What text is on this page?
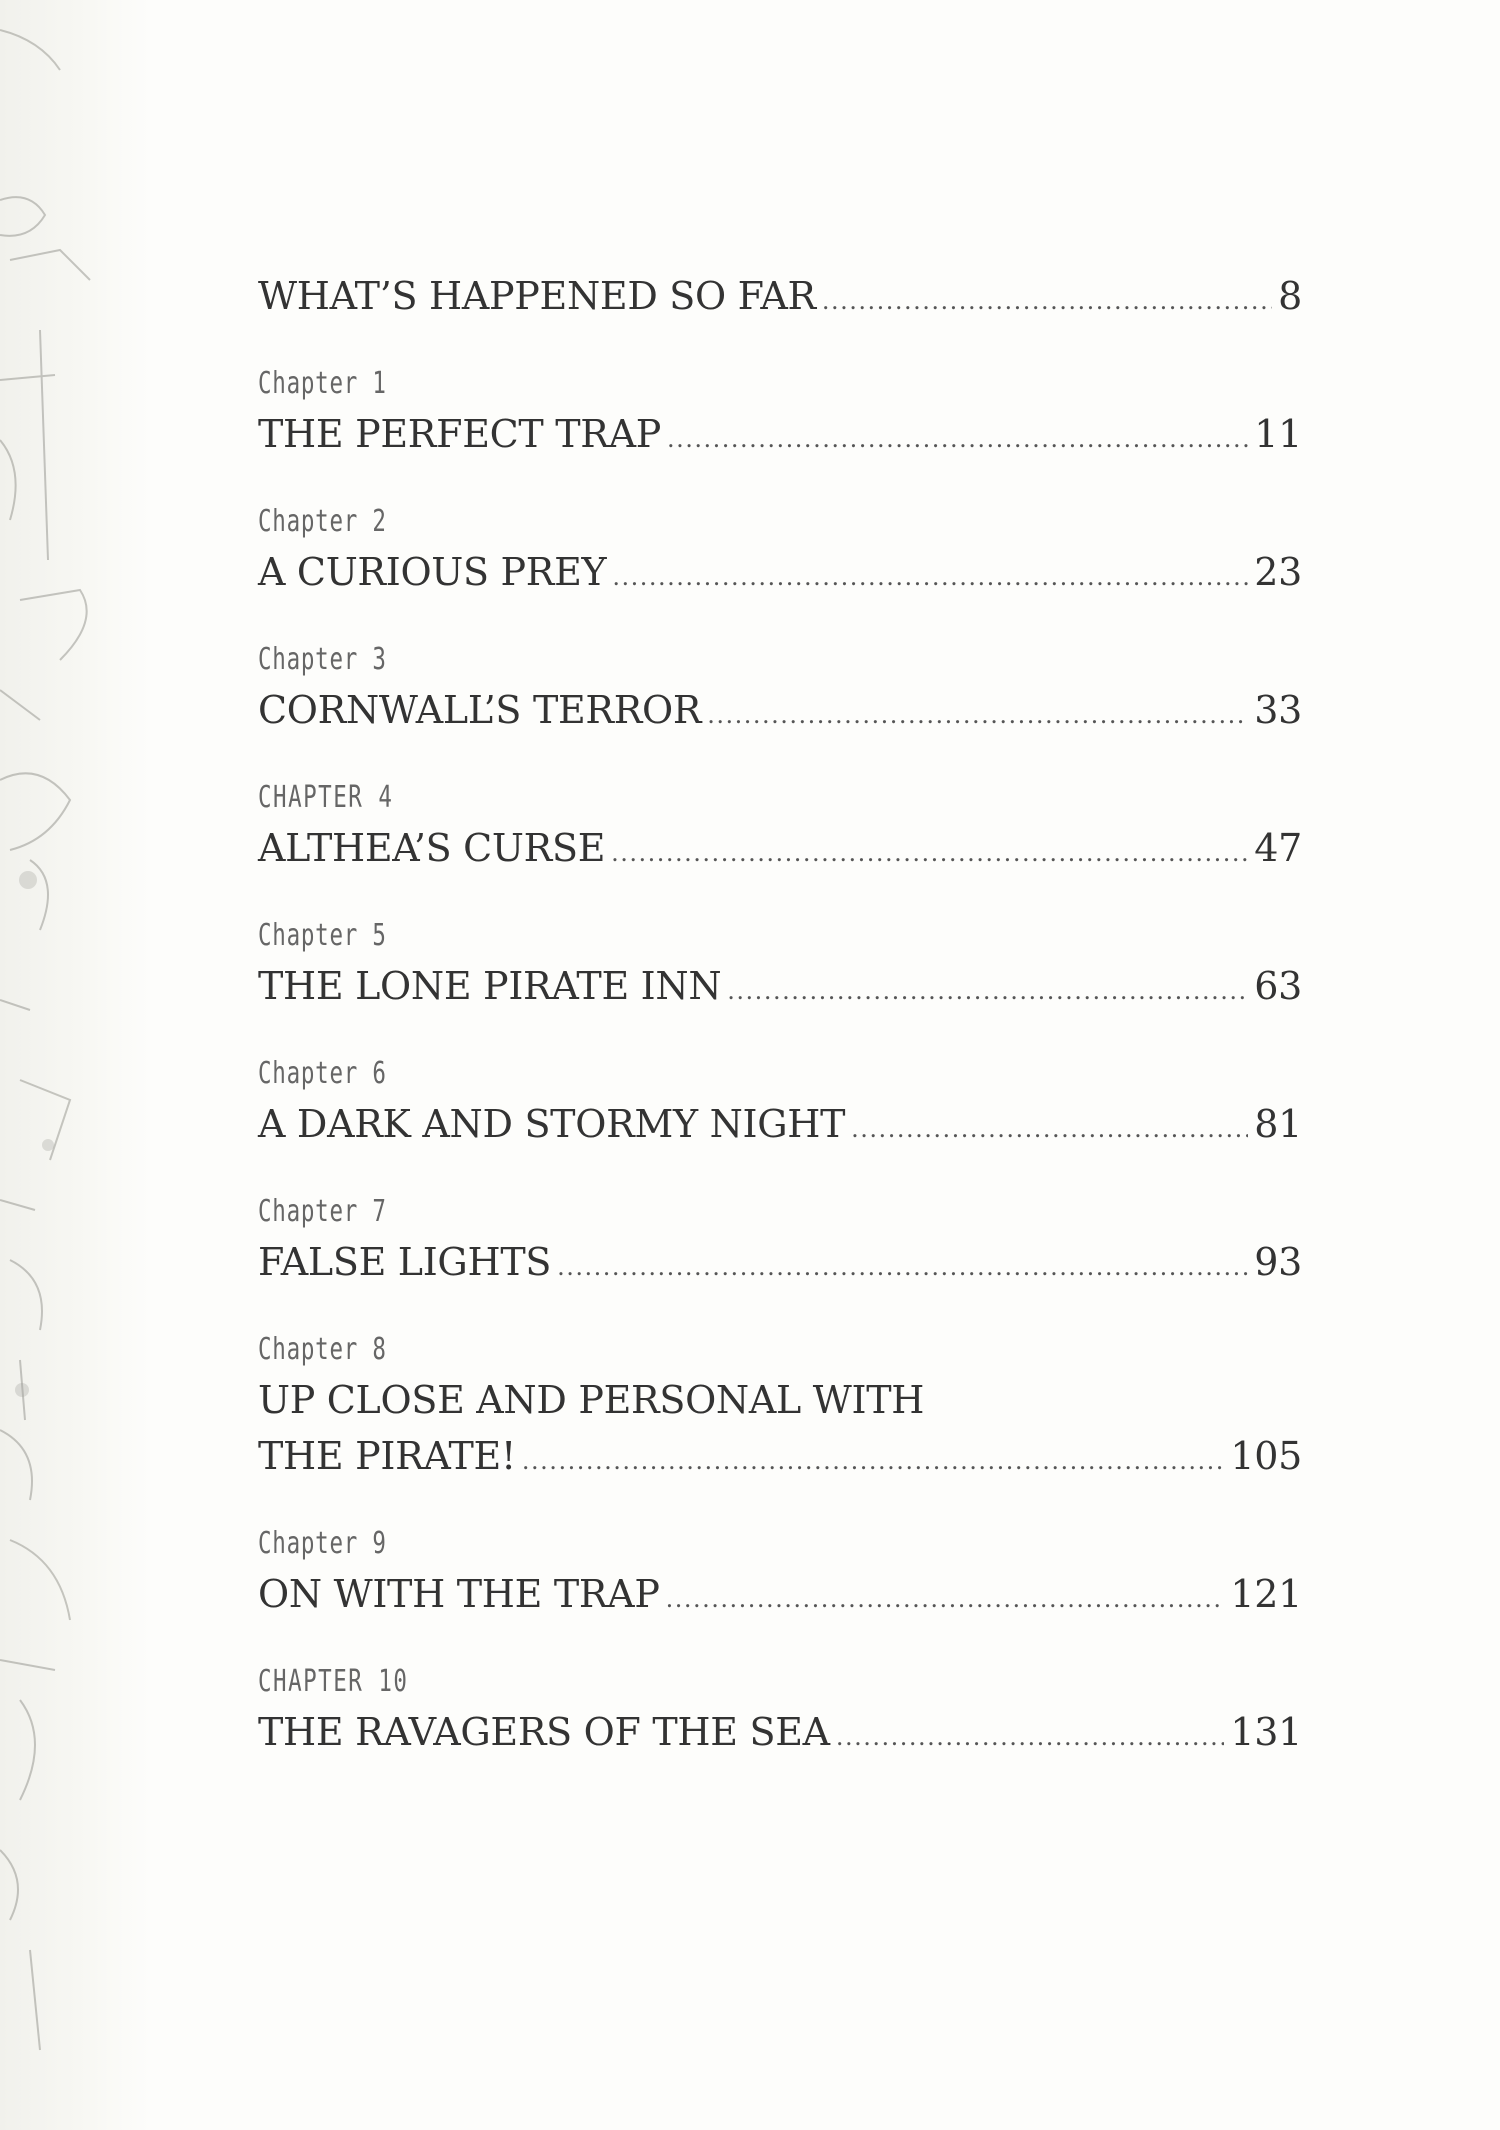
WHAT’S HAPPENED SO FAR .....	8
Chapter 1
THE PERFECT TRAP .....	11
Chapter 2
A CURIOUS PREY .....	23
Chapter 3
CORNWALL’S TERROR .....	33
CHAPTER 4
ALTHEA’S CURSE .....	47
Chapter 5
THE LONE PIRATE INN .....	63
Chapter 6
A DARK AND STORMY NIGHT .....	81
Chapter 7
FALSE LIGHTS .....	93
Chapter 8
UP CLOSE AND PERSONAL WITH
THE PIRATE! .....	105
Chapter 9
ON WITH THE TRAP .....	121
CHAPTER 10
THE RAVAGERS OF THE SEA .....	131
